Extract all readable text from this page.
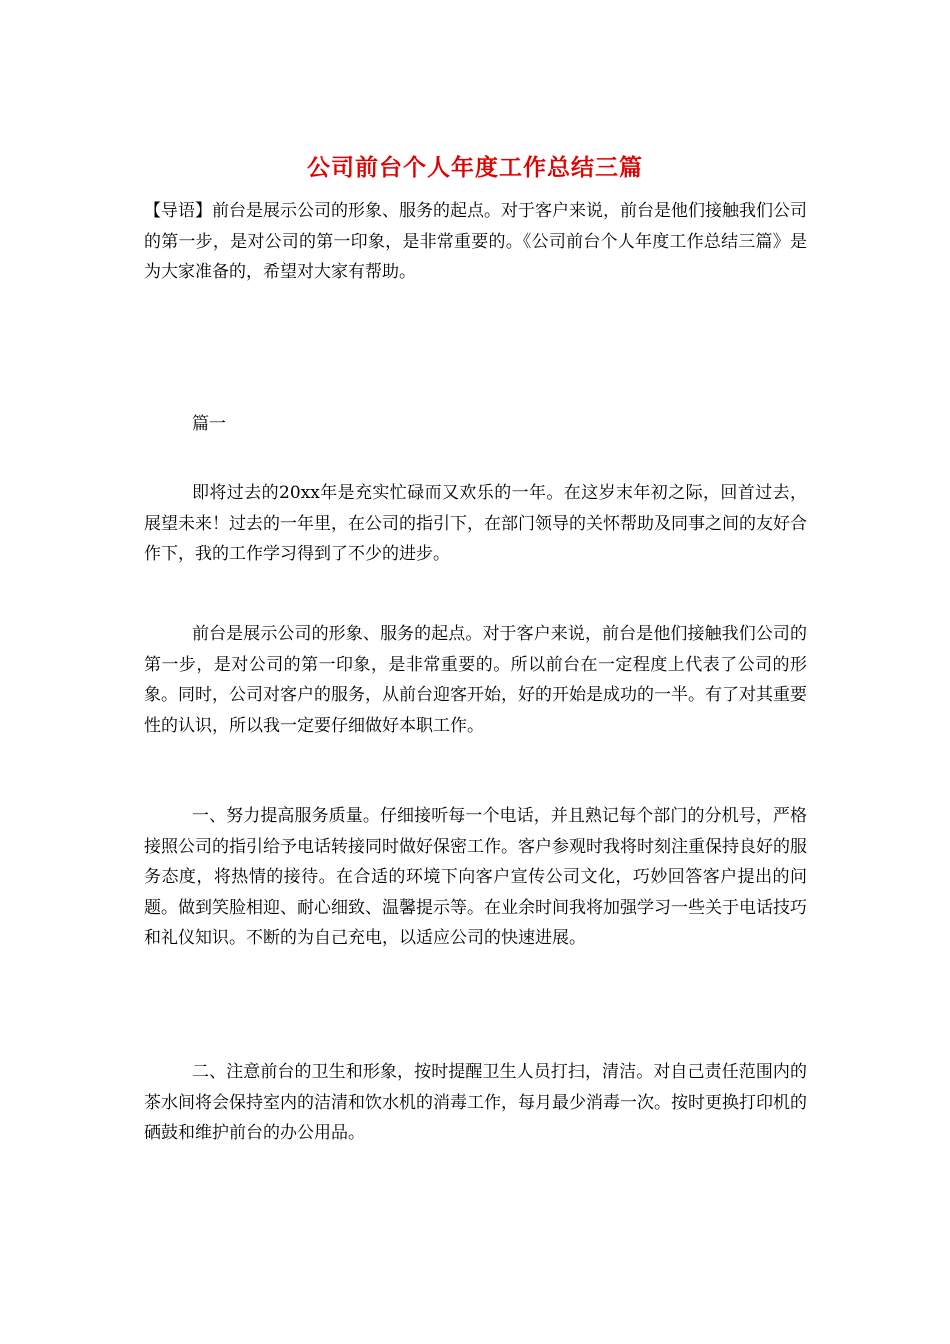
公司前台个人年度工作总结三篇

【导语】前台是展示公司的形象、服务的起点。对于客户来说，前台是他们接触我们公司的第一步，是对公司的第一印象，是非常重要的。《公司前台个人年度工作总结三篇》是为大家准备的，希望对大家有帮助。

篇一

即将过去的20xx年是充实忙碌而又欢乐的一年。在这岁末年初之际，回首过去，展望未来！过去的一年里，在公司的指引下，在部门领导的关怀帮助及同事之间的友好合作下，我的工作学习得到了不少的进步。

前台是展示公司的形象、服务的起点。对于客户来说，前台是他们接触我们公司的第一步，是对公司的第一印象，是非常重要的。所以前台在一定程度上代表了公司的形象。同时，公司对客户的服务，从前台迎客开始，好的开始是成功的一半。有了对其重要性的认识，所以我一定要仔细做好本职工作。

一、努力提高服务质量。仔细接听每一个电话，并且熟记每个部门的分机号，严格接照公司的指引给予电话转接同时做好保密工作。客户参观时我将时刻注重保持良好的服务态度，将热情的接待。在合适的环境下向客户宣传公司文化，巧妙回答客户提出的问题。做到笑脸相迎、耐心细致、温馨提示等。在业余时间我将加强学习一些关于电话技巧和礼仪知识。不断的为自己充电，以适应公司的快速进展。

二、注意前台的卫生和形象，按时提醒卫生人员打扫，清洁。对自己责任范围内的茶水间将会保持室内的洁清和饮水机的消毒工作，每月最少消毒一次。按时更换打印机的硒鼓和维护前台的办公用品。
